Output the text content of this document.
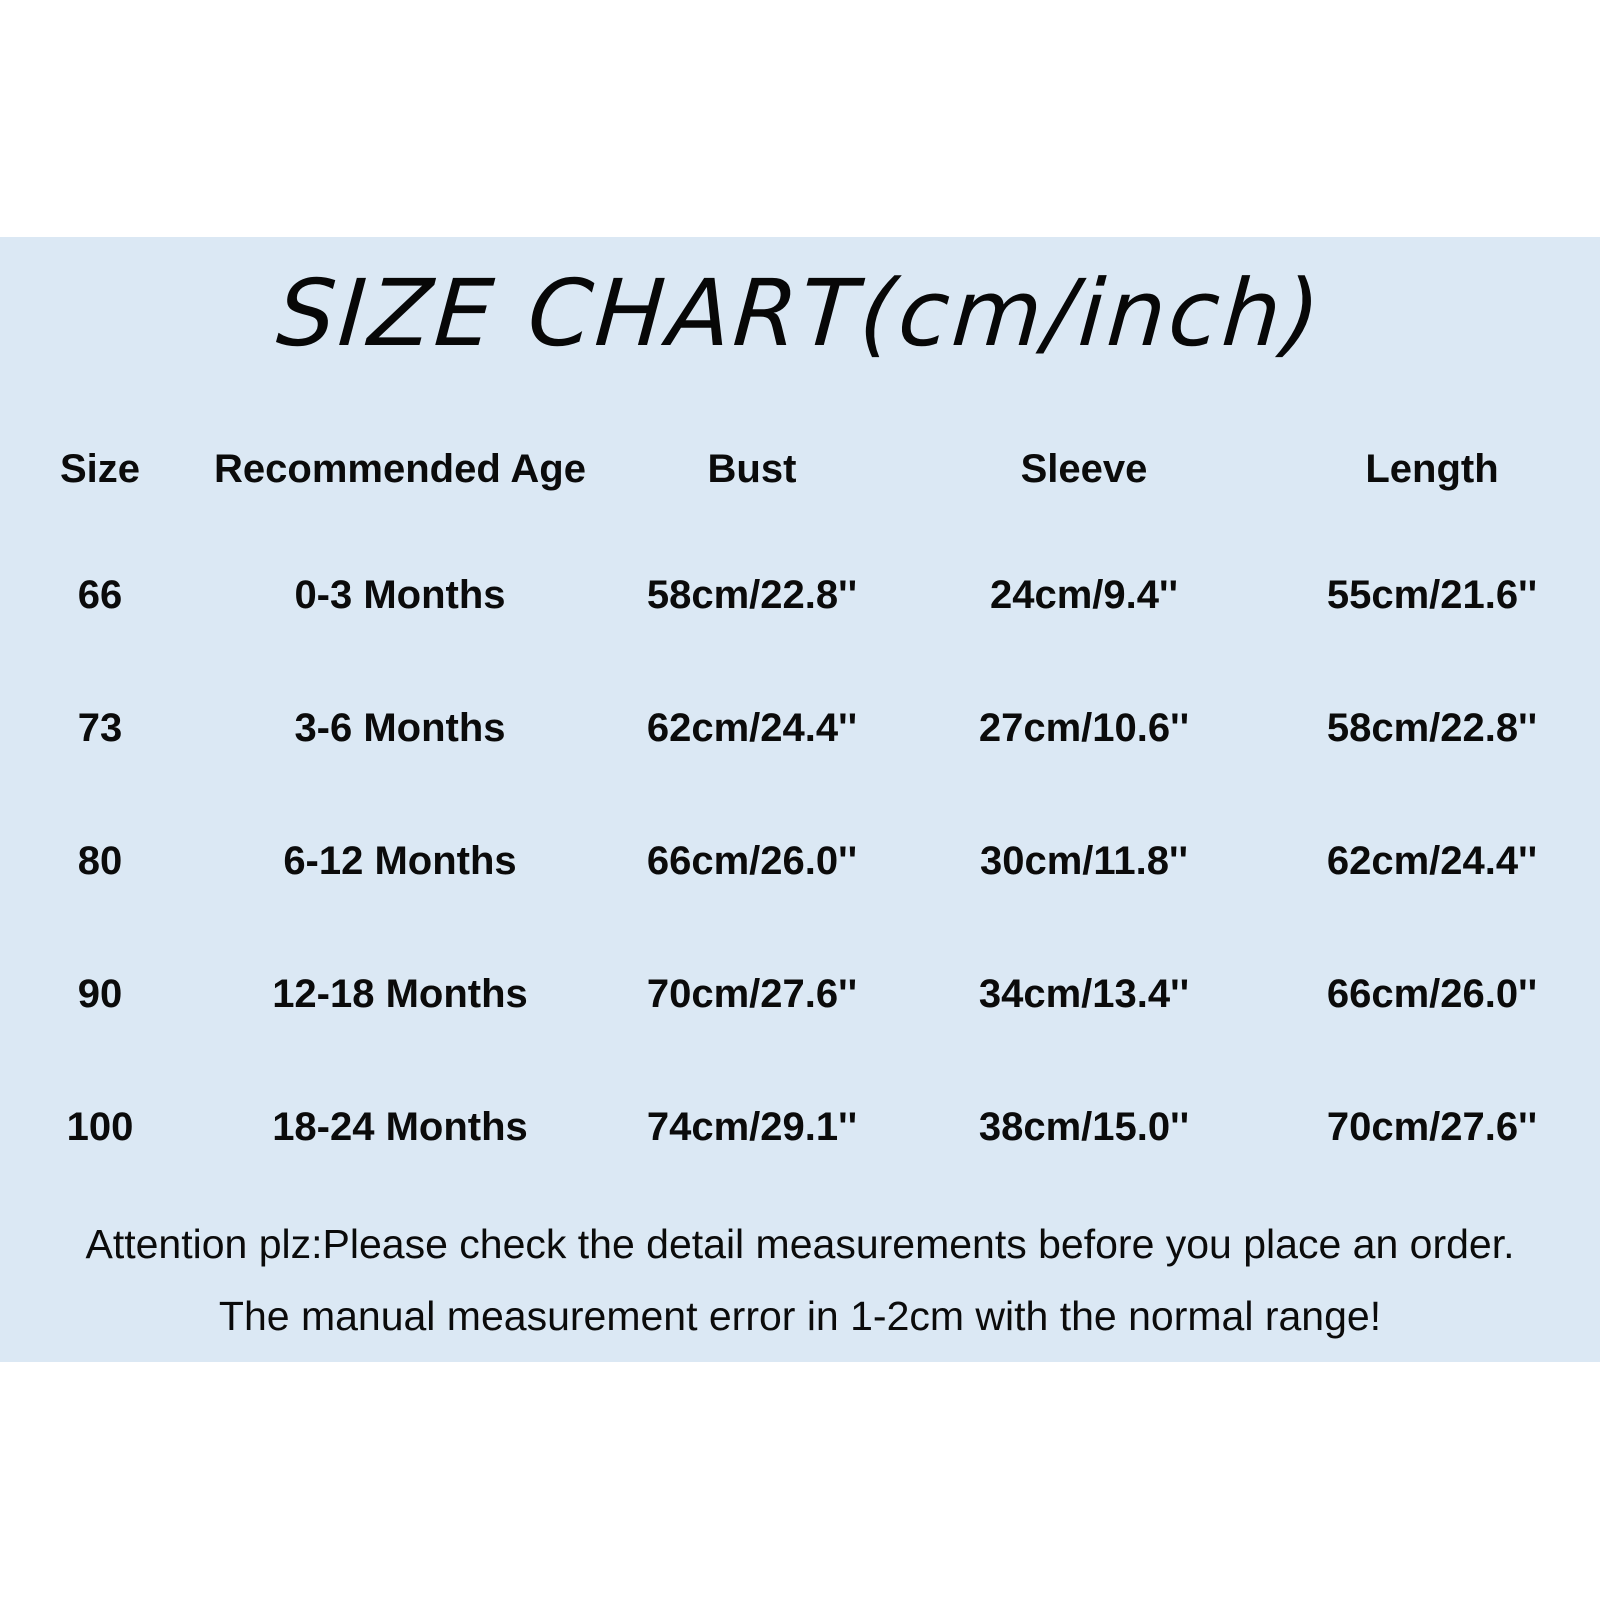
SIZE CHART(cm/inch)
Size	Recommended Age	Bust	Sleeve	Length
66	0-3 Months	58cm/22.8''	24cm/9.4''	55cm/21.6''
73	3-6 Months	62cm/24.4''	27cm/10.6''	58cm/22.8''
80	6-12 Months	66cm/26.0''	30cm/11.8''	62cm/24.4''
90	12-18 Months	70cm/27.6''	34cm/13.4''	66cm/26.0''
100	18-24 Months	74cm/29.1''	38cm/15.0''	70cm/27.6''
Attention plz:Please check the detail measurements before you place an order.
The manual measurement error in 1-2cm with the normal range!
